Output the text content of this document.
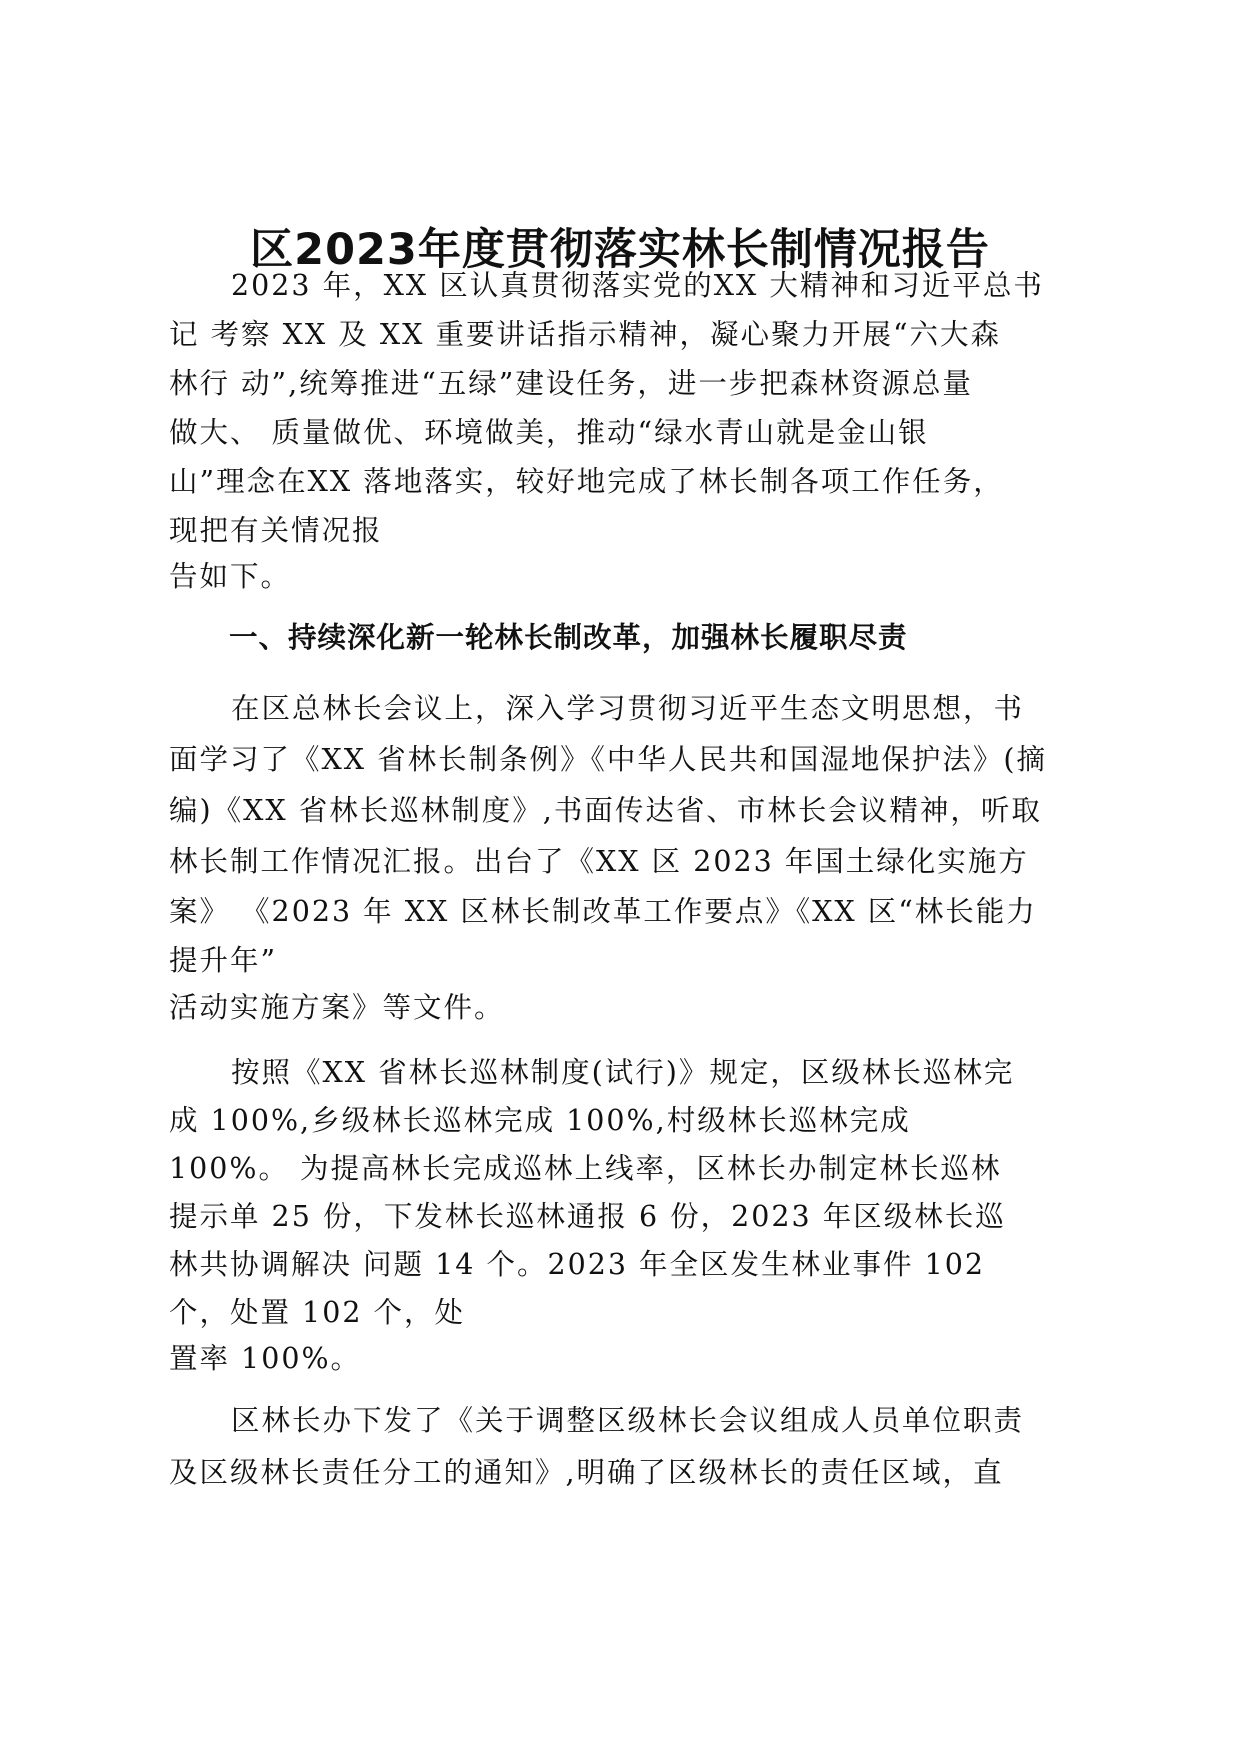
区2023年度贯彻落实林长制情况报告
2023 年，XX 区认真贯彻落实党的XX 大精神和习近平总书
记 考察 XX 及 XX 重要讲话指示精神，凝心聚力开展“六大森
林行 动”,统筹推进“五绿”建设任务，进一步把森林资源总量
做大、 质量做优、环境做美，推动“绿水青山就是金山银
山”理念在XX 落地落实，较好地完成了林长制各项工作任务，
现把有关情况报
告如下。
一、持续深化新一轮林长制改革，加强林长履职尽责
在区总林长会议上，深入学习贯彻习近平生态文明思想，书
面学习了《XX 省林长制条例》《中华人民共和国湿地保护法》(摘
编)《XX 省林长巡林制度》,书面传达省、市林长会议精神，听取
林长制工作情况汇报。出台了《XX 区 2023 年国土绿化实施方
案》 《2023 年 XX 区林长制改革工作要点》《XX 区“林长能力
提升年”
活动实施方案》等文件。
按照《XX 省林长巡林制度(试行)》规定，区级林长巡林完
成 100%,乡级林长巡林完成 100%,村级林长巡林完成
100%。 为提高林长完成巡林上线率，区林长办制定林长巡林
提示单 25 份，下发林长巡林通报 6 份，2023 年区级林长巡
林共协调解决 问题 14 个。2023 年全区发生林业事件 102
个，处置 102 个，处
置率 100%。
区林长办下发了《关于调整区级林长会议组成人员单位职责
及区级林长责任分工的通知》,明确了区级林长的责任区域，直
